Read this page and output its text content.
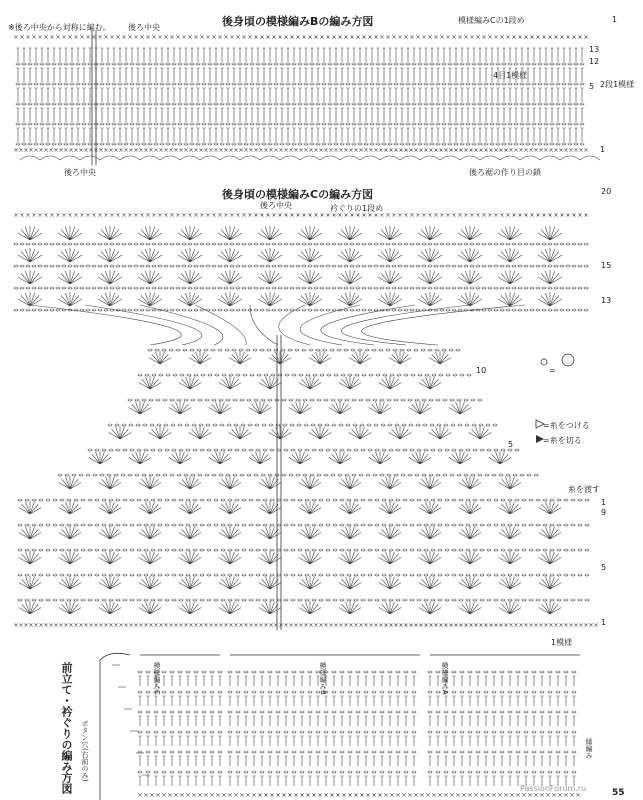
後身頃の模様編みBの編み方図
※後ろ中央から対称に編む。 後ろ中央
模様編みCの1段め
4目1模様
2段1模様
後ろ中央	後ろ裾の作り目の鎖
1
13
12
5
1
後身頃の模様編みCの編み方図
後ろ中央	衿ぐりの1段め
20
15
13
10
5
1
9
5
1
糸を渡す
1模様
=
=糸をつける
=糸を切る
前立て・衿ぐりの編み方図 ボタン穴(右前のみ)
模様編みC	模様編みB	模様編みA
縁編み
55
PassionForum.ru
